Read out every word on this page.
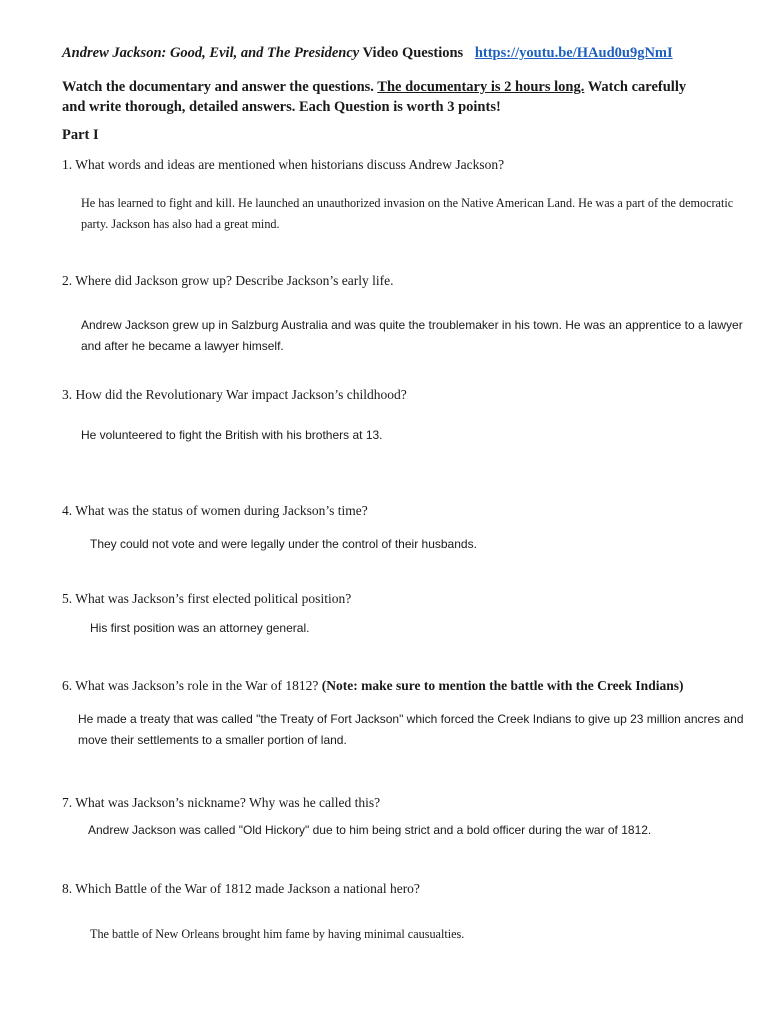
Andrew Jackson: Good, Evil, and The Presidency Video Questions https://youtu.be/HAud0u9gNmI
Watch the documentary and answer the questions. The documentary is 2 hours long. Watch carefully and write thorough, detailed answers. Each Question is worth 3 points!
Part I
1. What words and ideas are mentioned when historians discuss Andrew Jackson?
He has learned to fight and kill. He launched an unauthorized invasion on the Native American Land. He was a part of the democratic party. Jackson has also had a great mind.
2. Where did Jackson grow up? Describe Jackson’s early life.
Andrew Jackson grew up in Salzburg Australia and was quite the troublemaker in his town. He was an apprentice to a lawyer and after he became a lawyer himself.
3. How did the Revolutionary War impact Jackson’s childhood?
He volunteered to fight the British with his brothers at 13.
4. What was the status of women during Jackson’s time?
They could not vote and were legally under the control of their husbands.
5. What was Jackson’s first elected political position?
His first position was an attorney general.
6. What was Jackson’s role in the War of 1812? (Note: make sure to mention the battle with the Creek Indians)
He made a treaty that was called "the Treaty of Fort Jackson" which forced the Creek Indians to give up 23 million ancres and move their settlements to a smaller portion of land.
7. What was Jackson’s nickname? Why was he called this?
Andrew Jackson was called "Old Hickory" due to him being strict and a bold officer during the war of 1812.
8. Which Battle of the War of 1812 made Jackson a national hero?
The battle of New Orleans brought him fame by having minimal causualties.
